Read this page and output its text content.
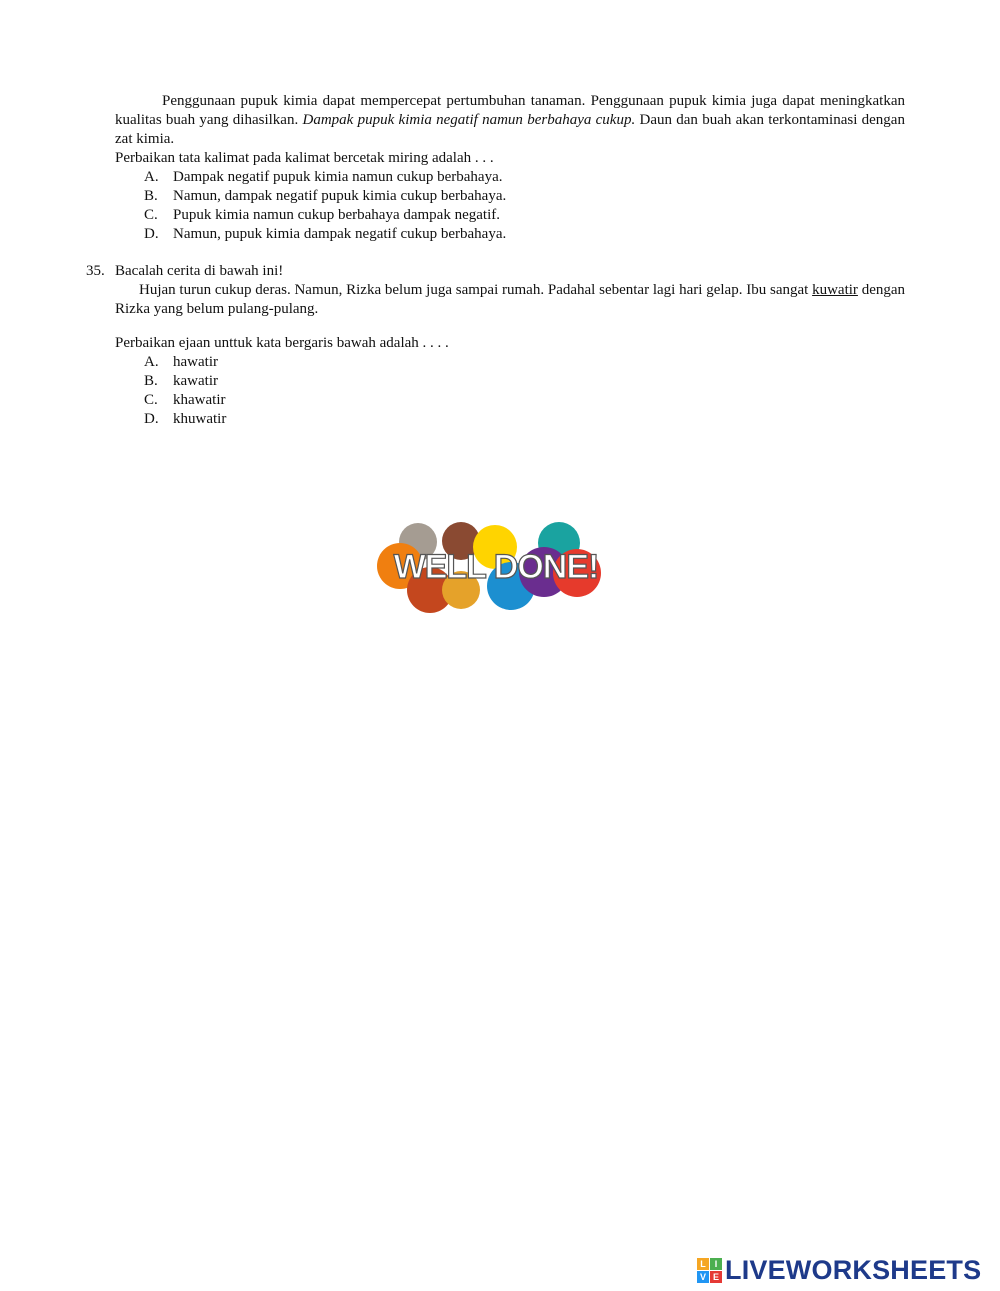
Penggunaan pupuk kimia dapat mempercepat pertumbuhan tanaman. Penggunaan pupuk kimia juga dapat meningkatkan kualitas buah yang dihasilkan. Dampak pupuk kimia negatif namun berbahaya cukup. Daun dan buah akan terkontaminasi dengan zat kimia.

Perbaikan tata kalimat pada kalimat bercetak miring adalah . . .
A. Dampak negatif pupuk kimia namun cukup berbahaya.
B.	Namun, dampak negatif pupuk kimia cukup berbahaya.
C.	Pupuk kimia namun cukup berbahaya dampak negatif.
D. Namun, pupuk kimia dampak negatif cukup berbahaya.
35. Bacalah cerita di bawah ini!

Hujan turun cukup deras. Namun, Rizka belum juga sampai rumah. Padahal sebentar lagi hari gelap. Ibu sangat kuwatir dengan Rizka yang belum pulang-pulang.

Perbaikan ejaan unttuk kata bergaris bawah adalah . . . .
A. hawatir
B.	kawatir
C.	khawatir
D. khuwatir
WELL DONE!
L I
V E LIVEWORKSHEETS
